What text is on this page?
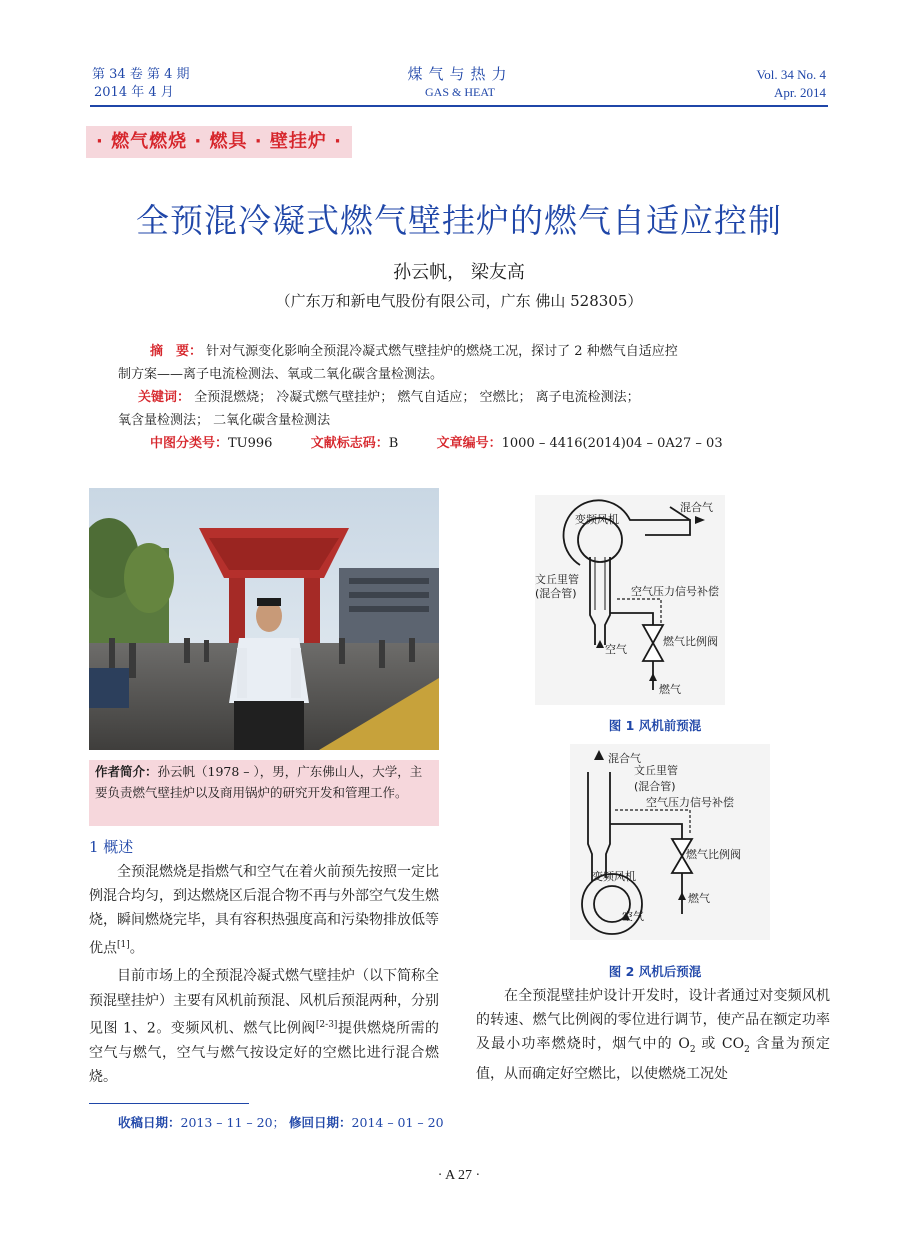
第 34 卷 第 4 期
2014 年 4 月
煤气与热力
GAS & HEAT
Vol. 34 No. 4
Apr. 2014
· 燃气燃烧 · 燃具 · 壁挂炉 ·
全预混冷凝式燃气壁挂炉的燃气自适应控制
孙云帆， 梁友高
（广东万和新电气股份有限公司，广东 佛山 528305）

摘　要： 针对气源变化影响全预混冷凝式燃气壁挂炉的燃烧工况，探讨了 2 种燃气自适应控

制方案——离子电流检测法、氧或二氧化碳含量检测法。

关键词： 全预混燃烧； 冷凝式燃气壁挂炉； 燃气自适应； 空燃比； 离子电流检测法；

氧含量检测法； 二氧化碳含量检测法

中图分类号：TU996	文献标志码：B	文章编号：1000 – 4416(2014)04 – 0A27 – 03

作者简介：孙云帆（1978 – ），男，广东佛山人，大学，主要负责燃气壁挂炉以及商用锅炉的研究开发和管理工作。
1 概述

全预混燃烧是指燃气和空气在着火前预先按照一定比例混合均匀，到达燃烧区后混合物不再与外部空气发生燃烧，瞬间燃烧完毕，具有容积热强度高和污染物排放低等优点[1]。

目前市场上的全预混冷凝式燃气壁挂炉（以下简称全预混壁挂炉）主要有风机前预混、风机后预混两种，分别见图 1、2。变频风机、燃气比例阀[2-3]提供燃烧所需的空气与燃气，空气与燃气按设定好的空燃比进行混合燃烧。

在全预混壁挂炉设计开发时，设计者通过对变频风机的转速、燃气比例阀的零位进行调节，使产品在额定功率及最小功率燃烧时，烟气中的 $O_2$ 或 $CO_2$ 含量为预定值，从而确定好空燃比，以使燃烧工况处

变频风机
混合气
文丘里管
(混合管)	空气压力信号补偿
空气
燃气比例阀
燃气
图 1 风机前预混
混合气
文丘里管
(混合管)
空气压力信号补偿
燃气比例阀
变频风机
燃气
空气
图 2 风机后预混
收稿日期：2013 – 11 – 20； 修回日期：2014 – 01 – 20
· A 27 ·
